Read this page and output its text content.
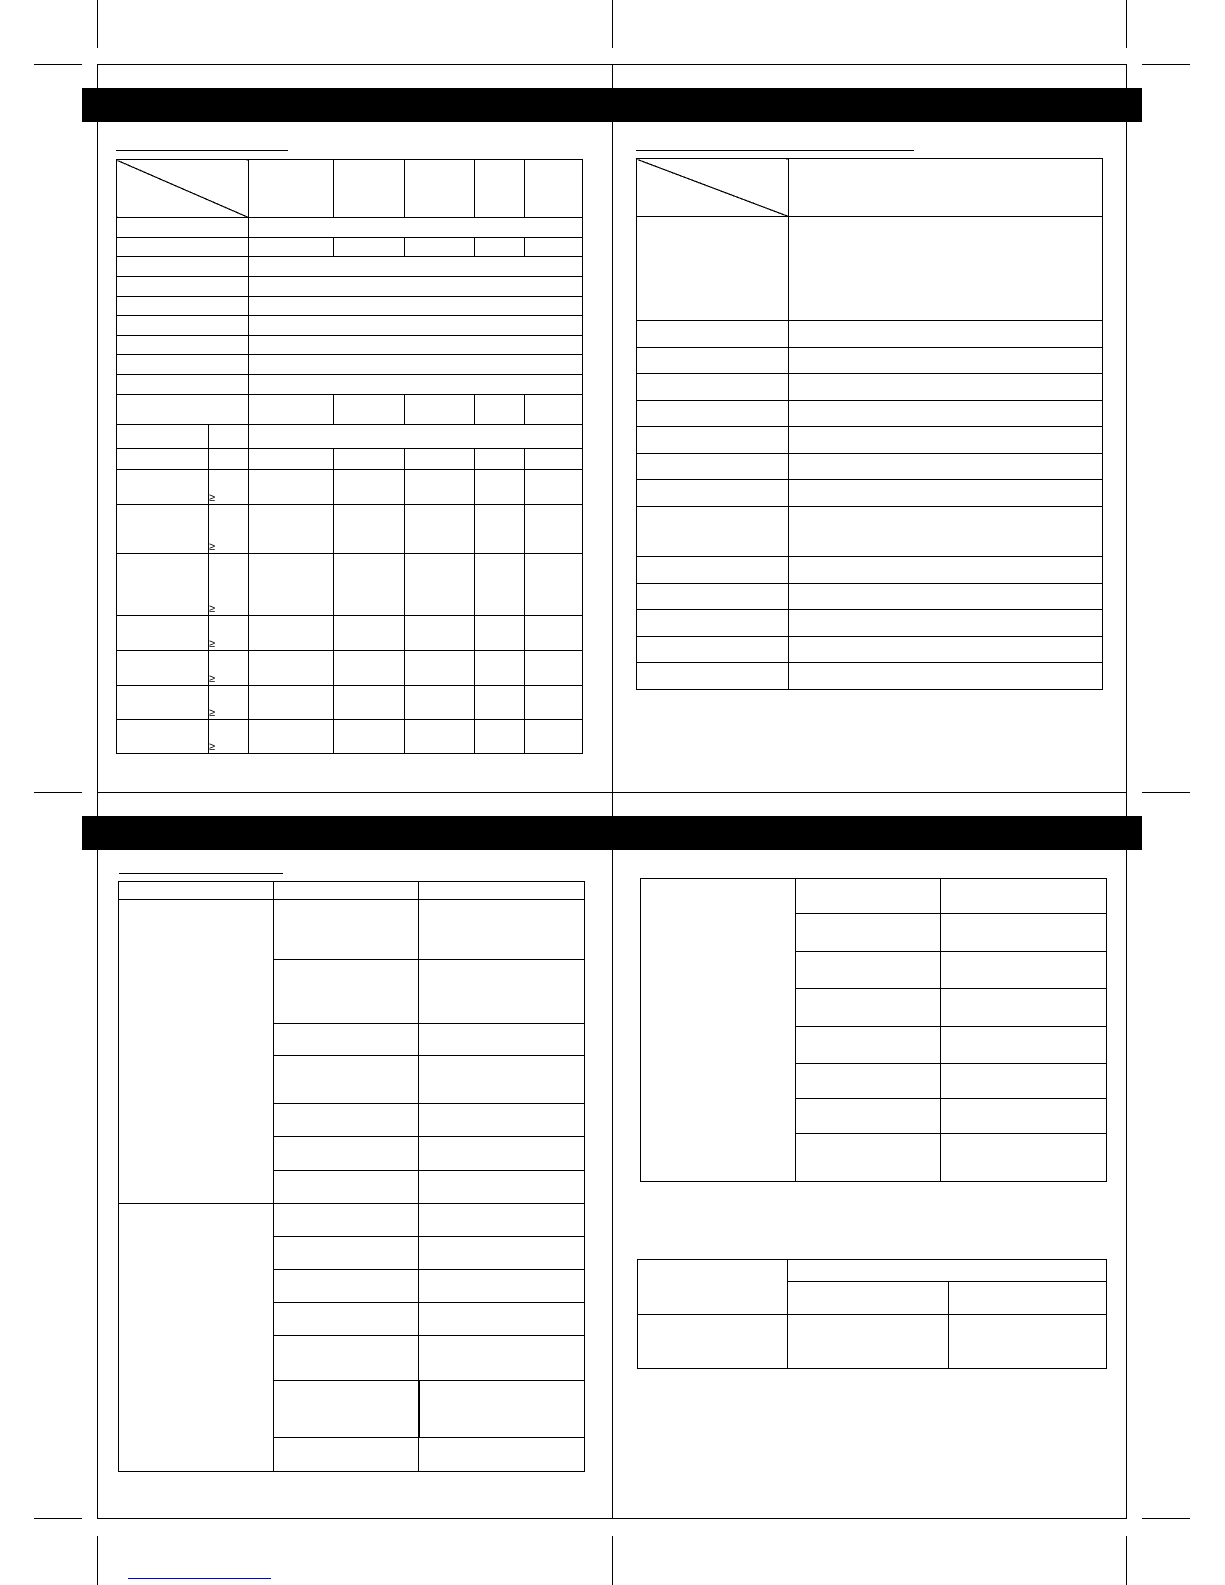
	≥					
	≥					
	≥					
	≥					
	≥					
	≥					
	≥					
